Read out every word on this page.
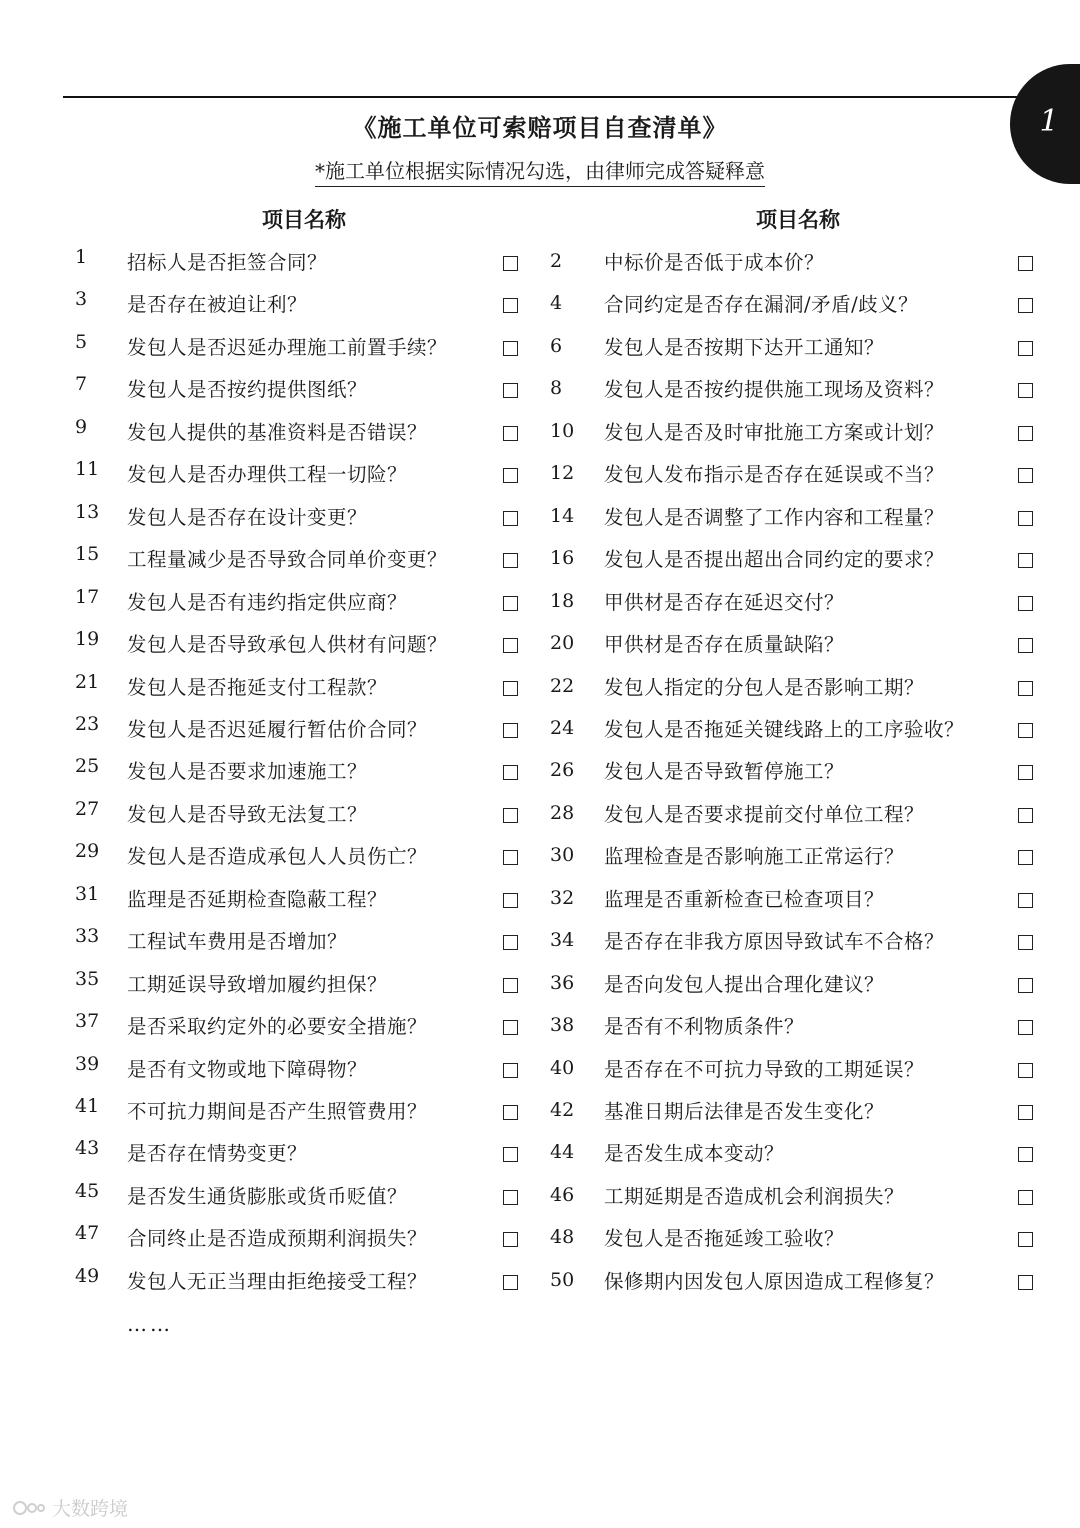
1
《施工单位可索赔项目自查清单》
*施工单位根据实际情况勾选，由律师完成答疑释意
项目名称	项目名称
1 招标人是否拒签合同？	2 中标价是否低于成本价？
3 是否存在被迫让利？	4 合同约定是否存在漏洞/矛盾/歧义？
5 发包人是否迟延办理施工前置手续？	6 发包人是否按期下达开工通知？
7 发包人是否按约提供图纸？	8 发包人是否按约提供施工现场及资料？
9 发包人提供的基准资料是否错误？	10 发包人是否及时审批施工方案或计划？
11 发包人是否办理供工程一切险？	12 发包人发布指示是否存在延误或不当？
13 发包人是否存在设计变更？	14 发包人是否调整了工作内容和工程量？
15 工程量减少是否导致合同单价变更？	16 发包人是否提出超出合同约定的要求？
17 发包人是否有违约指定供应商？	18 甲供材是否存在延迟交付？
19 发包人是否导致承包人供材有问题？	20 甲供材是否存在质量缺陷？
21 发包人是否拖延支付工程款？	22 发包人指定的分包人是否影响工期？
23 发包人是否迟延履行暂估价合同？	24 发包人是否拖延关键线路上的工序验收？
25 发包人是否要求加速施工？	26 发包人是否导致暂停施工？
27 发包人是否导致无法复工？	28 发包人是否要求提前交付单位工程？
29 发包人是否造成承包人人员伤亡？	30 监理检查是否影响施工正常运行？
31 监理是否延期检查隐蔽工程？	32 监理是否重新检查已检查项目？
33 工程试车费用是否增加？	34 是否存在非我方原因导致试车不合格？
35 工期延误导致增加履约担保？	36 是否向发包人提出合理化建议？
37 是否采取约定外的必要安全措施？	38 是否有不利物质条件？
39 是否有文物或地下障碍物？	40 是否存在不可抗力导致的工期延误？
41 不可抗力期间是否产生照管费用？	42 基准日期后法律是否发生变化？
43 是否存在情势变更？	44 是否发生成本变动？
45 是否发生通货膨胀或货币贬值？	46 工期延期是否造成机会利润损失？
47 合同终止是否造成预期利润损失？	48 发包人是否拖延竣工验收？
49 发包人无正当理由拒绝接受工程？	50 保修期内因发包人原因造成工程修复？
……
大数跨境
